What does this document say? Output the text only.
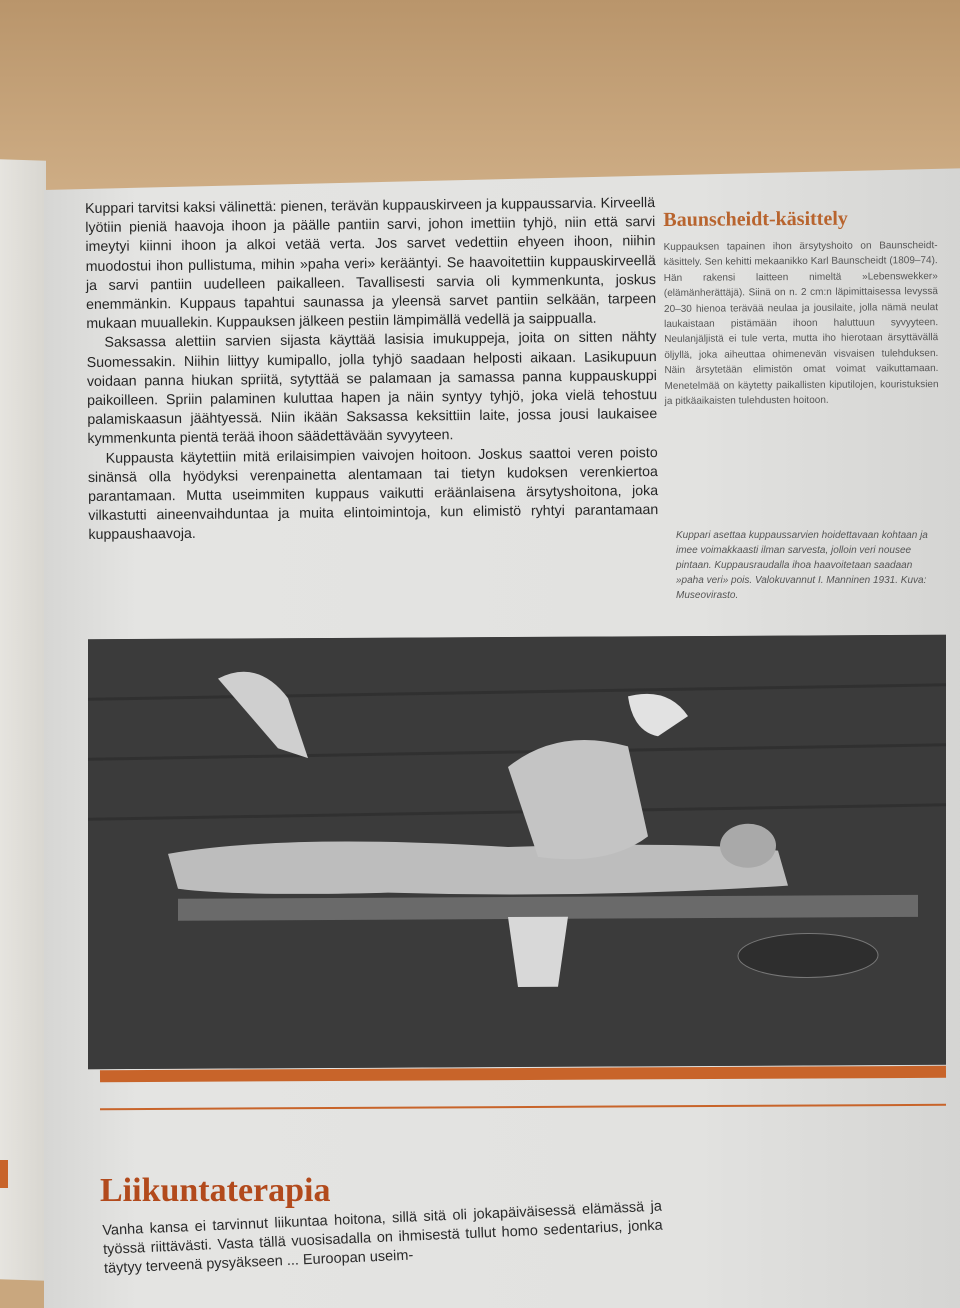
Kuppari tarvitsi kaksi välinettä: pienen, terävän kuppauskirveen ja kuppaussarvia. Kirveellä lyötiin pieniä haavoja ihoon ja päälle pantiin sarvi, johon imettiin tyhjö, niin että sarvi imeytyi kiinni ihoon ja alkoi vetää verta. Jos sarvet vedettiin ehyeen ihoon, niihin muodostui ihon pullistuma, mihin »paha veri» kerääntyi. Se haavoitettiin kuppauskirveellä ja sarvi pantiin uudelleen paikalleen. Tavallisesti sarvia oli kymmenkunta, joskus enemmänkin. Kuppaus tapahtui saunassa ja yleensä sarvet pantiin selkään, tarpeen mukaan muuallekin. Kuppauksen jälkeen pestiin lämpimällä vedellä ja saippualla.

Saksassa alettiin sarvien sijasta käyttää lasisia imukuppeja, joita on sitten nähty Suomessakin. Niihin liittyy kumipallo, jolla tyhjö saadaan helposti aikaan. Lasikupuun voidaan panna hiukan spriitä, sytyttää se palamaan ja samassa panna kuppauskuppi paikoilleen. Spriin palaminen kuluttaa hapen ja näin syntyy tyhjö, joka vielä tehostuu palamiskaasun jäähtyessä. Niin ikään Saksassa keksittiin laite, jossa jousi laukaisee kymmenkunta pientä terää ihoon säädettävään syvyyteen.

Kuppausta käytettiin mitä erilaisimpien vaivojen hoitoon. Joskus saattoi veren poisto sinänsä olla hyödyksi verenpainetta alentamaan tai tietyn kudoksen verenkiertoa parantamaan. Mutta useimmiten kuppaus vaikutti eräänlaisena ärsytyshoitona, joka vilkastutti aineenvaihduntaa ja muita elintoimintoja, kun elimistö ryhtyi parantamaan kuppaushaavoja.

Baunscheidt-käsittely
Kuppauksen tapainen ihon ärsytyshoito on Baunscheidt-käsittely. Sen kehitti mekaanikko Karl Baunscheidt (1809–74). Hän rakensi laitteen nimeltä »Lebenswekker» (elämänherättäjä). Siinä on n. 2 cm:n läpimittaisessa levyssä 20–30 hienoa terävää neulaa ja jousilaite, jolla nämä neulat laukaistaan pistämään ihoon haluttuun syvyyteen. Neulanjäljistä ei tule verta, mutta iho hierotaan ärsyttävällä öljyllä, joka aiheuttaa ohimenevän visvaisen tulehduksen. Näin ärsytetään elimistön omat voimat vaikuttamaan. Menetelmää on käytetty paikallisten kiputilojen, kouristuksien ja pitkäaikaisten tulehdusten hoitoon.
Kuppari asettaa kuppaussarvien hoidettavaan kohtaan ja imee voimakkaasti ilman sarvesta, jolloin veri nousee pintaan. Kuppausraudalla ihoa haavoitetaan saadaan »paha veri» pois. Valokuvannut I. Manninen 1931. Kuva: Museovirasto.
Liikuntaterapia
Vanha kansa ei tarvinnut liikuntaa hoitona, sillä sitä oli jokapäiväisessä elämässä ja työssä riittävästi. Vasta tällä vuosisadalla on ihmisestä tullut homo sedentarius, jonka täytyy terveenä pysyäkseen ... Euroopan useim-
